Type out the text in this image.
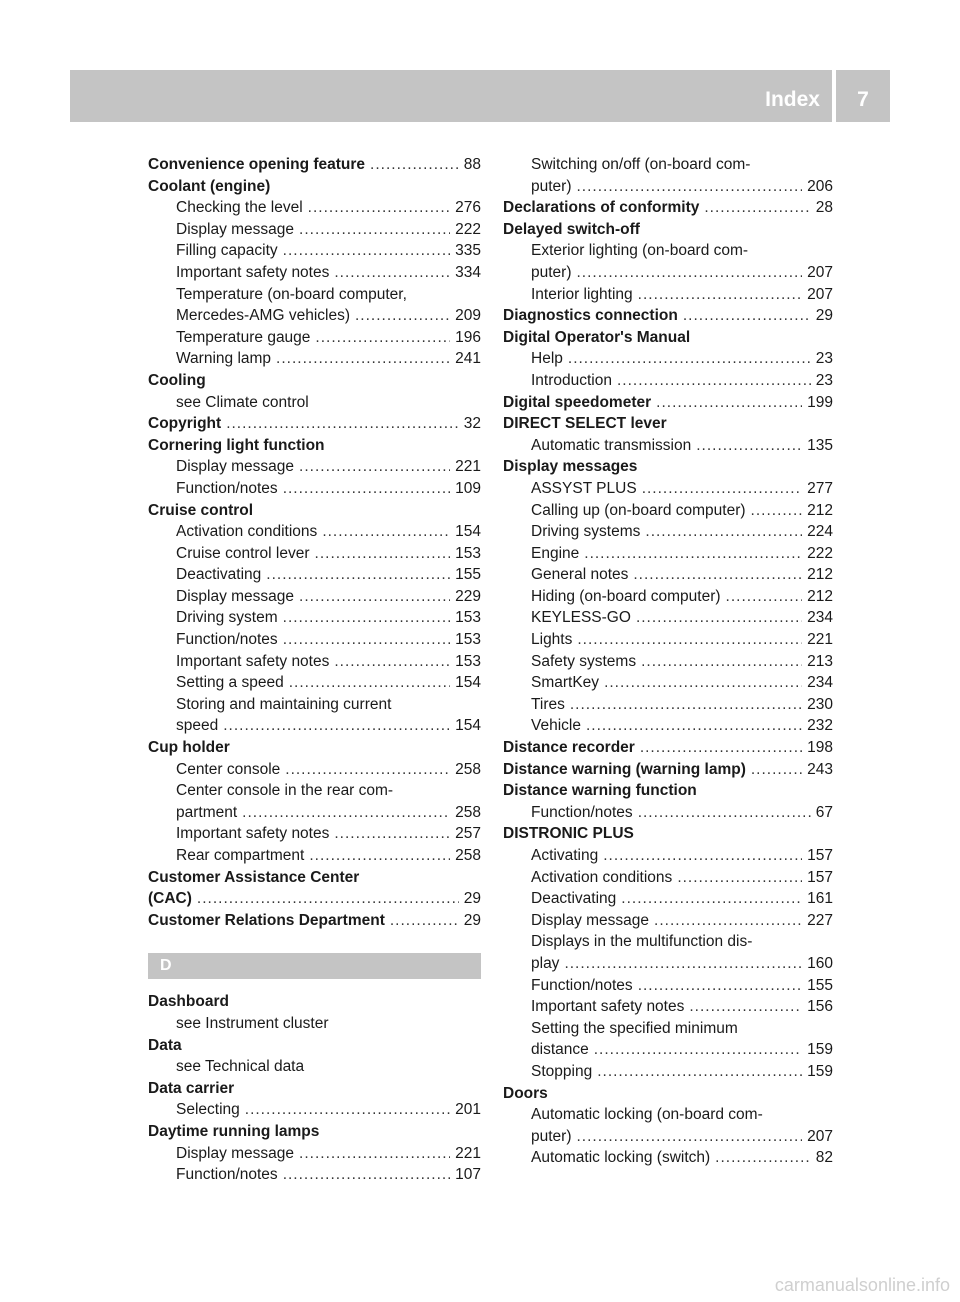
Index	7
Convenience opening feature .....	88
Coolant (engine)
Checking the level .....	276
Display message .....	222
Filling capacity .....	335
Important safety notes .....	334
Temperature (on-board computer,
Mercedes-AMG vehicles) .....	209
Temperature gauge .....	196
Warning lamp .....	241
Cooling
see Climate control
Copyright .....	32
Cornering light function
Display message .....	221
Function/notes .....	109
Cruise control
Activation conditions .....	154
Cruise control lever .....	153
Deactivating .....	155
Display message .....	229
Driving system .....	153
Function/notes .....	153
Important safety notes .....	153
Setting a speed .....	154
Storing and maintaining current
speed .....	154
Cup holder
Center console .....	258
Center console in the rear com-
partment .....	258
Important safety notes .....	257
Rear compartment .....	258
Customer Assistance Center
(CAC) .....	29
Customer Relations Department .....	29
D
Dashboard
see Instrument cluster
Data
see Technical data
Data carrier
Selecting .....	201
Daytime running lamps
Display message .....	221
Function/notes .....	107
Switching on/off (on-board com-
puter) .....	206
Declarations of conformity .....	28
Delayed switch-off
Exterior lighting (on-board com-
puter) .....	207
Interior lighting .....	207
Diagnostics connection .....	29
Digital Operator's Manual
Help .....	23
Introduction .....	23
Digital speedometer .....	199
DIRECT SELECT lever
Automatic transmission .....	135
Display messages
ASSYST PLUS .....	277
Calling up (on-board computer) .....	212
Driving systems .....	224
Engine .....	222
General notes .....	212
Hiding (on-board computer) .....	212
KEYLESS-GO .....	234
Lights .....	221
Safety systems .....	213
SmartKey .....	234
Tires .....	230
Vehicle .....	232
Distance recorder .....	198
Distance warning (warning lamp) .....	243
Distance warning function
Function/notes .....	67
DISTRONIC PLUS
Activating .....	157
Activation conditions .....	157
Deactivating .....	161
Display message .....	227
Displays in the multifunction dis-
play .....	160
Function/notes .....	155
Important safety notes .....	156
Setting the specified minimum
distance .....	159
Stopping .....	159
Doors
Automatic locking (on-board com-
puter) .....	207
Automatic locking (switch) .....	82
carmanualsonline.info
